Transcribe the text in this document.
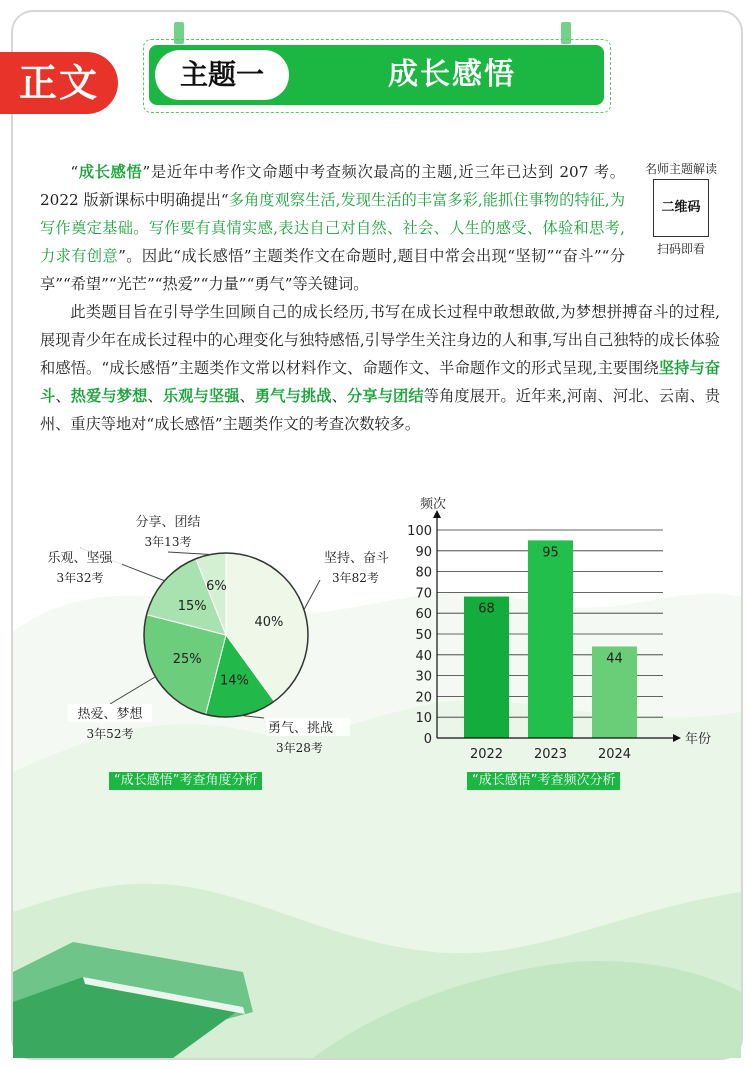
主题一	成长感悟
正文

“成长感悟”是近年中考作文命题中考查频次最高的主题,近三年已达到 207 考。2022 版新课标中明确提出“多角度观察生活,发现生活的丰富多彩,能抓住事物的特征,为写作奠定基础。写作要有真情实感,表达自己对自然、社会、人生的感受、体验和思考,力求有创意”。因此“成长感悟”主题类作文在命题时,题目中常会出现“坚韧”“奋斗”“分享”“希望”“光芒”“热爱”“力量”“勇气”等关键词。

此类题目旨在引导学生回顾自己的成长经历,书写在成长过程中敢想敢做,为梦想拼搏奋斗的过程,展现青少年在成长过程中的心理变化与独特感悟,引导学生关注身边的人和事,写出自己独特的成长体验和感悟。“成长感悟”主题类作文常以材料作文、命题作文、半命题作文的形式呈现,主要围绕坚持与奋斗、热爱与梦想、乐观与坚强、勇气与挑战、分享与团结等角度展开。近年来,河南、河北、云南、贵州、重庆等地对“成长感悟”主题类作文的考查次数较多。

名师主题解读
二维码
扫码即看
40%
14%
25%
15%
6%
坚持、奋斗
3年82考
勇气、挑战
3年28考
热爱、梦想
3年52考
乐观、坚强
3年32考
分享、团结
3年13考
“成长感悟”考查角度分析
0
10
20
30
40
50
60
70
80
90
100
68
2022
95
2023
44
2024
频次
年份
“成长感悟”考查频次分析
